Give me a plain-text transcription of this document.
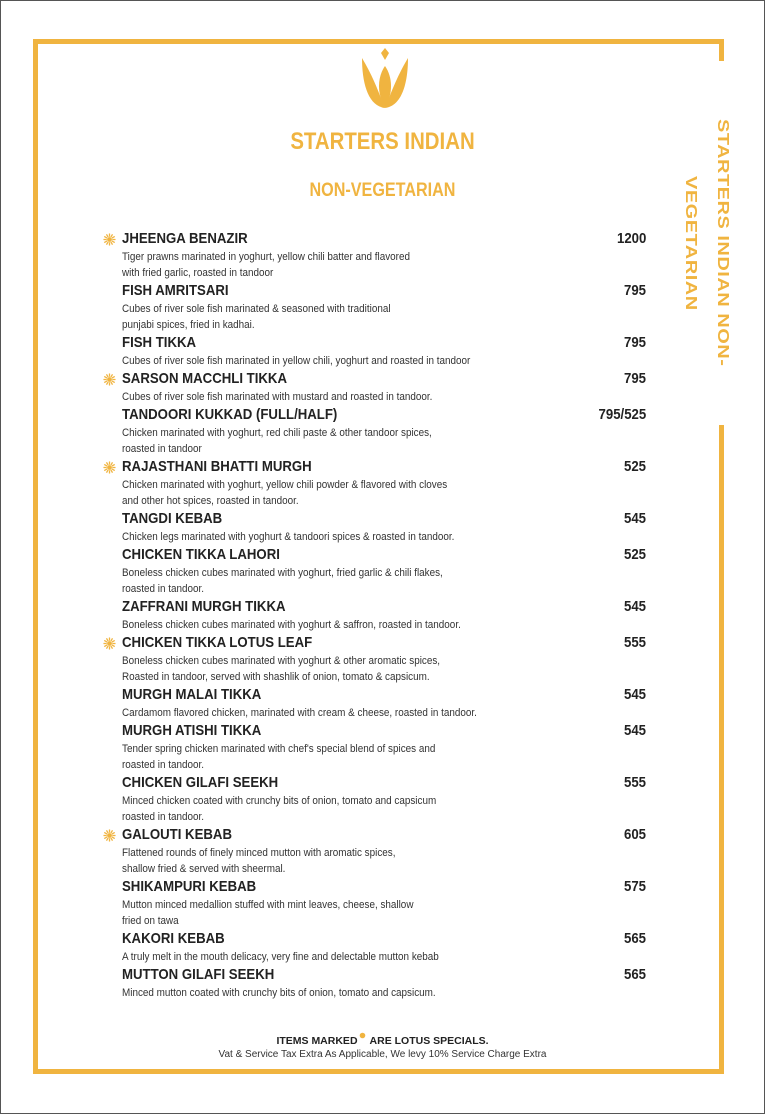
STARTERS INDIAN NON-VEGETARIAN
STARTERS INDIAN
NON-VEGETARIAN
JHEENGA BENAZIR	1200
Tiger prawns marinated in yoghurt, yellow chili batter and flavored
with fried garlic, roasted in tandoor
FISH AMRITSARI	795
Cubes of river sole fish marinated & seasoned with traditional
punjabi spices, fried in kadhai.
FISH TIKKA	795
Cubes of river sole fish marinated in yellow chili, yoghurt and roasted in tandoor
SARSON MACCHLI TIKKA	795
Cubes of river sole fish marinated with mustard and roasted in tandoor.
TANDOORI KUKKAD (FULL/HALF)	795/525
Chicken marinated with yoghurt, red chili paste & other tandoor spices,
roasted in tandoor
RAJASTHANI BHATTI MURGH	525
Chicken marinated with yoghurt, yellow chili powder & flavored with cloves
and other hot spices, roasted in tandoor.
TANGDI KEBAB	545
Chicken legs marinated with yoghurt & tandoori spices & roasted in tandoor.
CHICKEN TIKKA LAHORI	525
Boneless chicken cubes marinated with yoghurt, fried garlic & chili flakes,
roasted in tandoor.
ZAFFRANI MURGH TIKKA	545
Boneless chicken cubes marinated with yoghurt & saffron, roasted in tandoor.
CHICKEN TIKKA LOTUS LEAF	555
Boneless chicken cubes marinated with yoghurt & other aromatic spices,
Roasted in tandoor, served with shashlik of onion, tomato & capsicum.
MURGH MALAI TIKKA	545
Cardamom flavored chicken, marinated with cream & cheese, roasted in tandoor.
MURGH ATISHI TIKKA	545
Tender spring chicken marinated with chef's special blend of spices and
roasted in tandoor.
CHICKEN GILAFI SEEKH	555
Minced chicken coated with crunchy bits of onion, tomato and capsicum
roasted in tandoor.
GALOUTI KEBAB	605
Flattened rounds of finely minced mutton with aromatic spices,
shallow fried & served with sheermal.
SHIKAMPURI KEBAB	575
Mutton minced medallion stuffed with mint leaves, cheese, shallow
fried on tawa
KAKORI KEBAB	565
A truly melt in the mouth delicacy, very fine and delectable mutton kebab
MUTTON GILAFI SEEKH	565
Minced mutton coated with crunchy bits of onion, tomato and capsicum.
ITEMS MARKED ARE LOTUS SPECIALS.
Vat & Service Tax Extra As Applicable, We levy 10% Service Charge Extra
